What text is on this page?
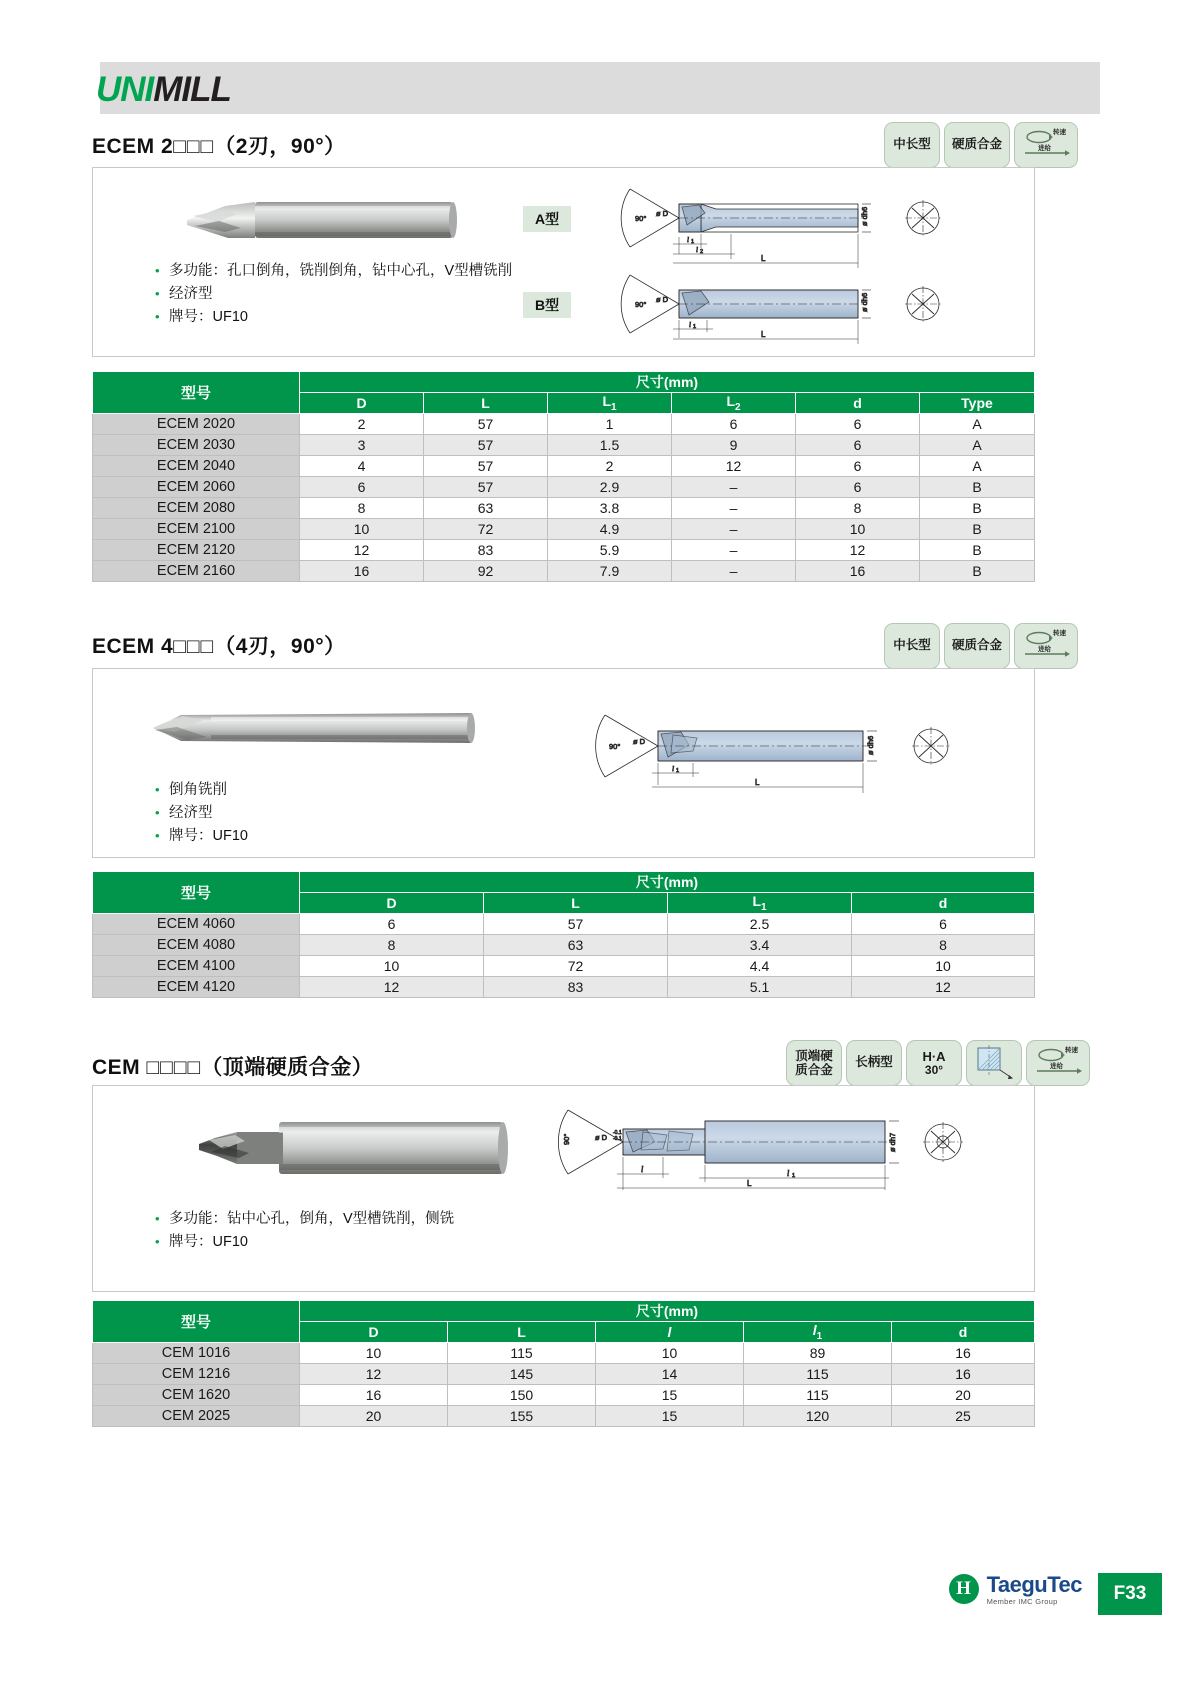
UNIMILL
ECEM 2□□□（2刃，90°）	中长型	硬质合金
转速
进给
• 多功能：孔口倒角，铣削倒角，钻中心孔，V型槽铣削
• 经济型
• 牌号：UF10
A型
B型
90°
ø D	ø dh6
l 1
l 2
L
90°
ø D	ø dh6
l 1
L
型号	尺寸(mm)					
	D	L	$L_1$	$L_2$	d	Type
ECEM 2020	2	57	1	6	6	A
ECEM 2030	3	57	1.5	9	6	A
ECEM 2040	4	57	2	12	6	A
ECEM 2060	6	57	2.9	–	6	B
ECEM 2080	8	63	3.8	–	8	B
ECEM 2100	10	72	4.9	–	10	B
ECEM 2120	12	83	5.9	–	12	B
ECEM 2160	16	92	7.9	–	16	B
ECEM 4□□□（4刃，90°）	中长型	硬质合金
转速
进给
• 倒角铣削
• 经济型
• 牌号：UF10
90°
ø D	ø dh6
l 1
L
型号	尺寸(mm)			
	D	L	$L_1$	d
ECEM 4060	6	57	2.5	6
ECEM 4080	8	63	3.4	8
ECEM 4100	10	72	4.4	10
ECEM 4120	12	83	5.1	12
CEM □□□□（顶端硬质合金）
顶端硬质合金
长柄型	H·A
30°
转速
进给
• 多功能：钻中心孔，倒角，V型槽铣削，侧铣
• 牌号：UF10
90°	ø D -0.1
-0.1	ø dh7
l	l 1
L
型号	尺寸(mm)				
	D	L	l	$l_1$	d
CEM 1016	10	115	10	89	16
CEM 1216	12	145	14	115	16
CEM 1620	16	150	15	115	20
CEM 2025	20	155	15	120	25
H TaeguTec
Member IMC Group	F33
